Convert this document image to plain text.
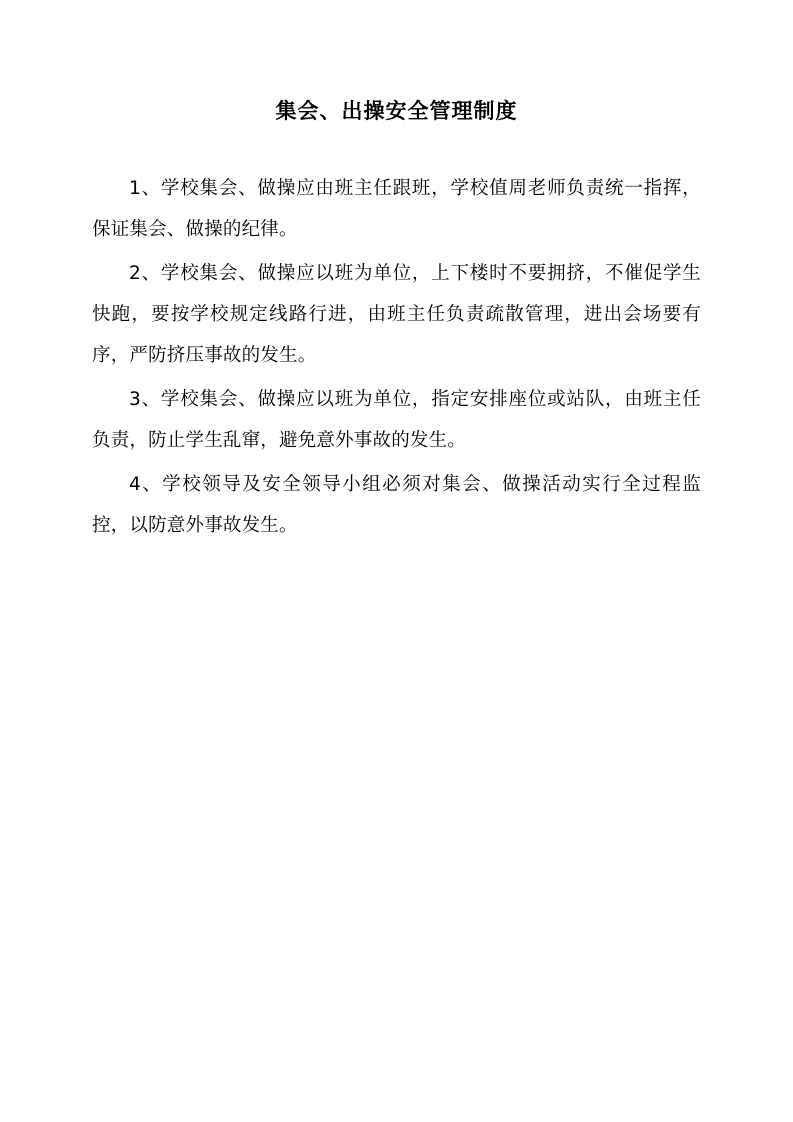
集会、出操安全管理制度

1、学校集会、做操应由班主任跟班，学校值周老师负责统一指挥，保证集会、做操的纪律。

2、学校集会、做操应以班为单位，上下楼时不要拥挤，不催促学生快跑，要按学校规定线路行进，由班主任负责疏散管理，进出会场要有序，严防挤压事故的发生。

3、学校集会、做操应以班为单位，指定安排座位或站队，由班主任负责，防止学生乱窜，避免意外事故的发生。

4、学校领导及安全领导小组必须对集会、做操活动实行全过程监控，以防意外事故发生。
